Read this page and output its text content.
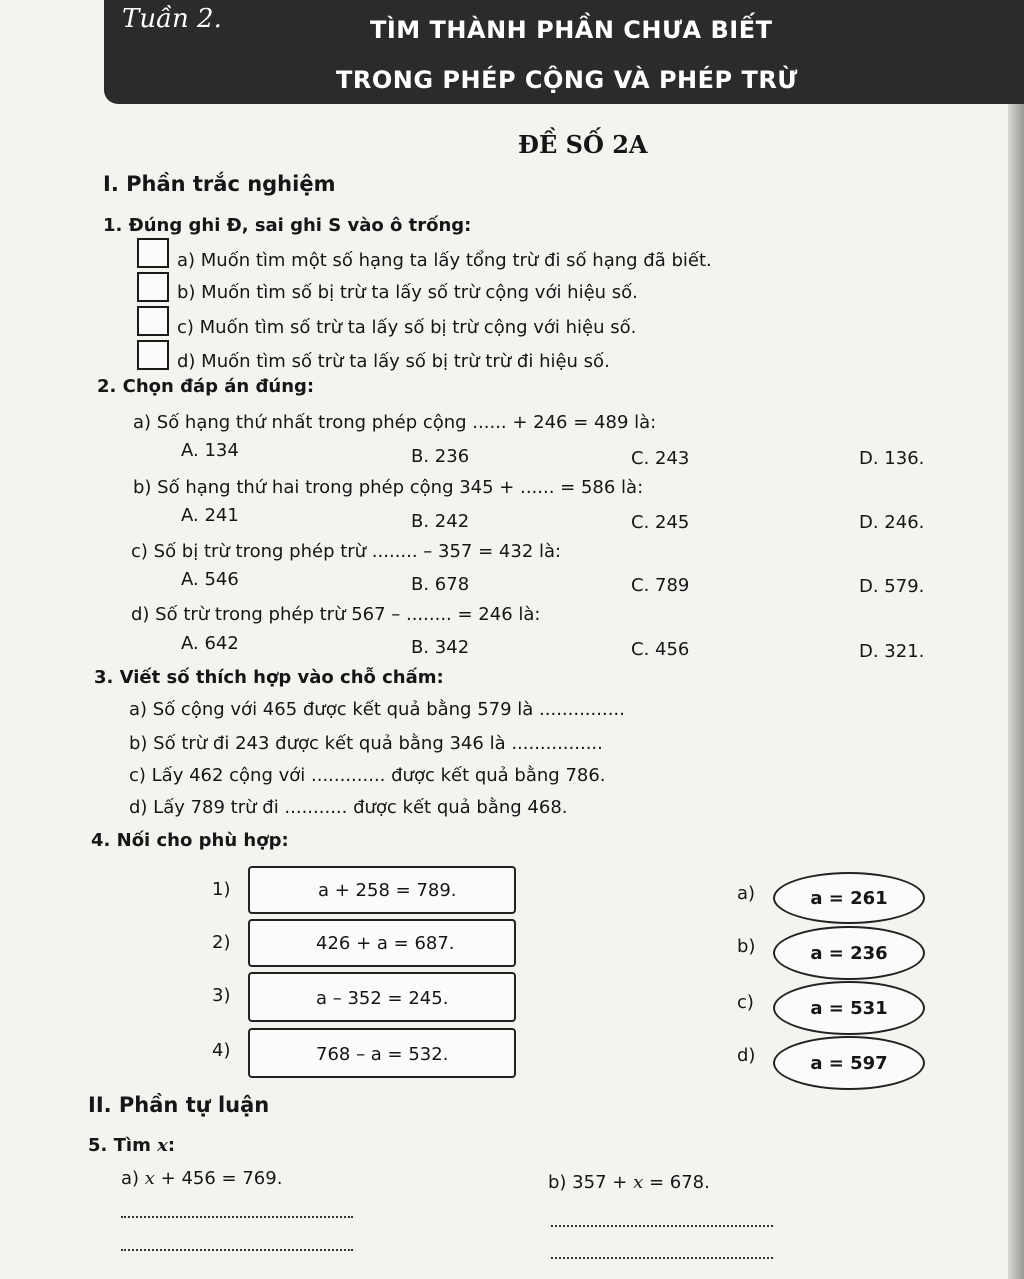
Tuần 2.	TÌM THÀNH PHẦN CHƯA BIẾT
TRONG PHÉP CỘNG VÀ PHÉP TRỪ
ĐỀ SỐ 2A
I. Phần trắc nghiệm
1. Đúng ghi Đ, sai ghi S vào ô trống:
a) Muốn tìm một số hạng ta lấy tổng trừ đi số hạng đã biết.
b) Muốn tìm số bị trừ ta lấy số trừ cộng với hiệu số.
c) Muốn tìm số trừ ta lấy số bị trừ cộng với hiệu số.
d) Muốn tìm số trừ ta lấy số bị trừ trừ đi hiệu số.
2. Chọn đáp án đúng:
a) Số hạng thứ nhất trong phép cộng ...... + 246 = 489 là:
A. 134	B. 236	C. 243	D. 136.
b) Số hạng thứ hai trong phép cộng 345 + ...... = 586 là:
A. 241	B. 242	C. 245	D. 246.
c) Số bị trừ trong phép trừ ........ – 357 = 432 là:
A. 546	B. 678	C. 789	D. 579.
d) Số trừ trong phép trừ 567 – ........ = 246 là:
A. 642	B. 342	C. 456	D. 321.
3. Viết số thích hợp vào chỗ chấm:
a) Số cộng với 465 được kết quả bằng 579 là ...............
b) Số trừ đi 243 được kết quả bằng 346 là ................
c) Lấy 462 cộng với ............. được kết quả bằng 786.
d) Lấy 789 trừ đi ........... được kết quả bằng 468.
4. Nối cho phù hợp:
1)	a + 258 = 789.
2)	426 + a = 687.
3)	a – 352 = 245.
4)	768 – a = 532.
a)	a = 261
b)	a = 236
c)	a = 531
d)	a = 597
II. Phần tự luận
5. Tìm x:
a) x + 456 = 769.	b) 357 + x = 678.
